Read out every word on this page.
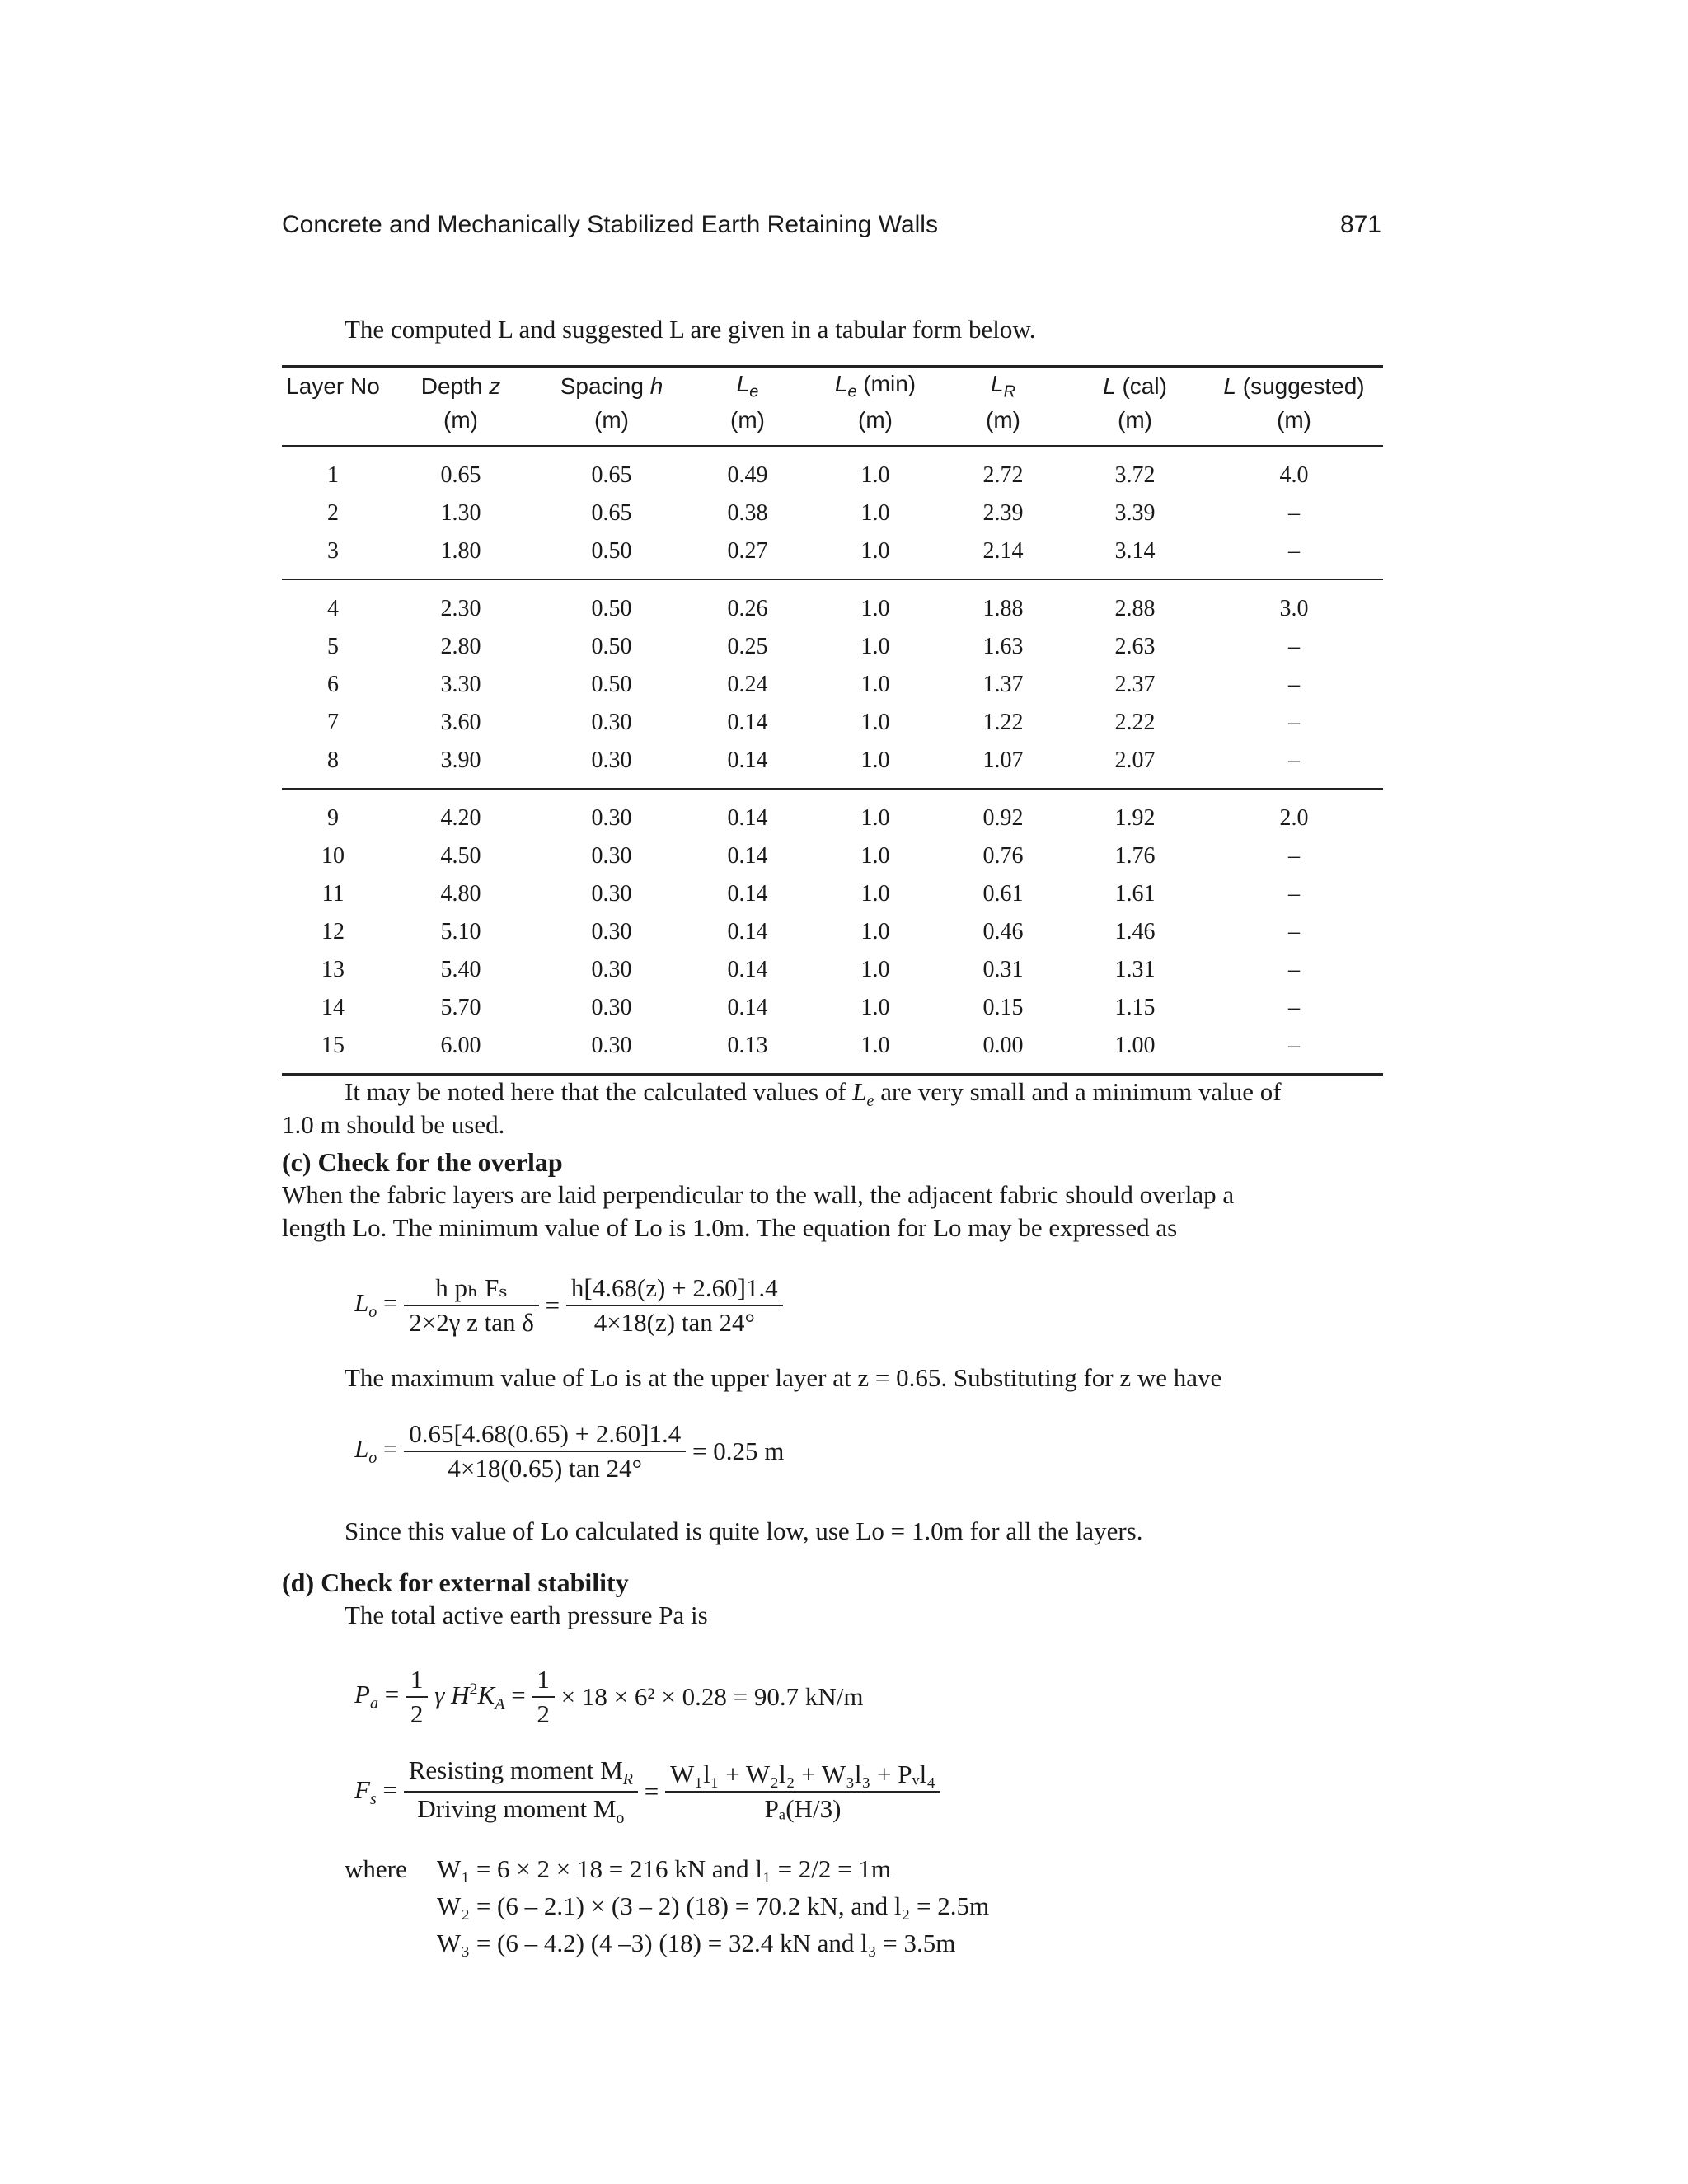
Concrete and Mechanically Stabilized Earth Retaining Walls	871
The computed L and suggested L are given in a tabular form below.
Layer No	Depth z	Spacing h	$L_e$	$L_e$ (min)	$L_R$	L (cal)	L (suggested)
	(m)	(m)	(m)	(m)	(m)	(m)	(m)
1	0.65	0.65	0.49	1.0	2.72	3.72	4.0
2	1.30	0.65	0.38	1.0	2.39	3.39	–
3	1.80	0.50	0.27	1.0	2.14	3.14	–
4	2.30	0.50	0.26	1.0	1.88	2.88	3.0
5	2.80	0.50	0.25	1.0	1.63	2.63	–
6	3.30	0.50	0.24	1.0	1.37	2.37	–
7	3.60	0.30	0.14	1.0	1.22	2.22	–
8	3.90	0.30	0.14	1.0	1.07	2.07	–
9	4.20	0.30	0.14	1.0	0.92	1.92	2.0
10	4.50	0.30	0.14	1.0	0.76	1.76	–
11	4.80	0.30	0.14	1.0	0.61	1.61	–
12	5.10	0.30	0.14	1.0	0.46	1.46	–
13	5.40	0.30	0.14	1.0	0.31	1.31	–
14	5.70	0.30	0.14	1.0	0.15	1.15	–
15	6.00	0.30	0.13	1.0	0.00	1.00	–
It may be noted here that the calculated values of $L_e$ are very small and a minimum value of
1.0 m should be used.
(c) Check for the overlap
When the fabric layers are laid perpendicular to the wall, the adjacent fabric should overlap a
length Lo. The minimum value of Lo is 1.0m. The equation for Lo may be expressed as
$L_o = \frac{\text{h pₕ Fₛ}}{\text{2×2γ z tan δ}} = \frac{h[4.68(z) + 2.60]1.4}{4\times 18(z) \tan 24^\circ}$
The maximum value of Lo is at the upper layer at z = 0.65. Substituting for z we have
$L_o = \frac{0.65[4.68(0.65) + 2.60]1.4}{4\times 18(0.65) \tan 24^\circ} = 0.25$ m
Since this value of Lo calculated is quite low, use Lo = 1.0m for all the layers.
(d) Check for external stability
The total active earth pressure Pa is
$P_a = \frac{1}{2}$ γ $H^2K_A = \frac{1}{2} \times 18 \times 6^2 \times 0.28 = 90.7$ kN/m
$F_s = \frac{Resisting moment M_R}{Driving moment M_o} = \frac{\text{W₁l₁ + W₂l₂ + W₃l₃ + Pᵥl₄}}{\text{Pₐ(H/3)}}$
where W₁ = 6 × 2 × 18 = 216 kN and l₁ = 2/2 = 1m
W₂ = (6 – 2.1) × (3 – 2) (18) = 70.2 kN, and l₂ = 2.5m
W₃ = (6 – 4.2) (4 –3) (18) = 32.4 kN and l₃ = 3.5m
